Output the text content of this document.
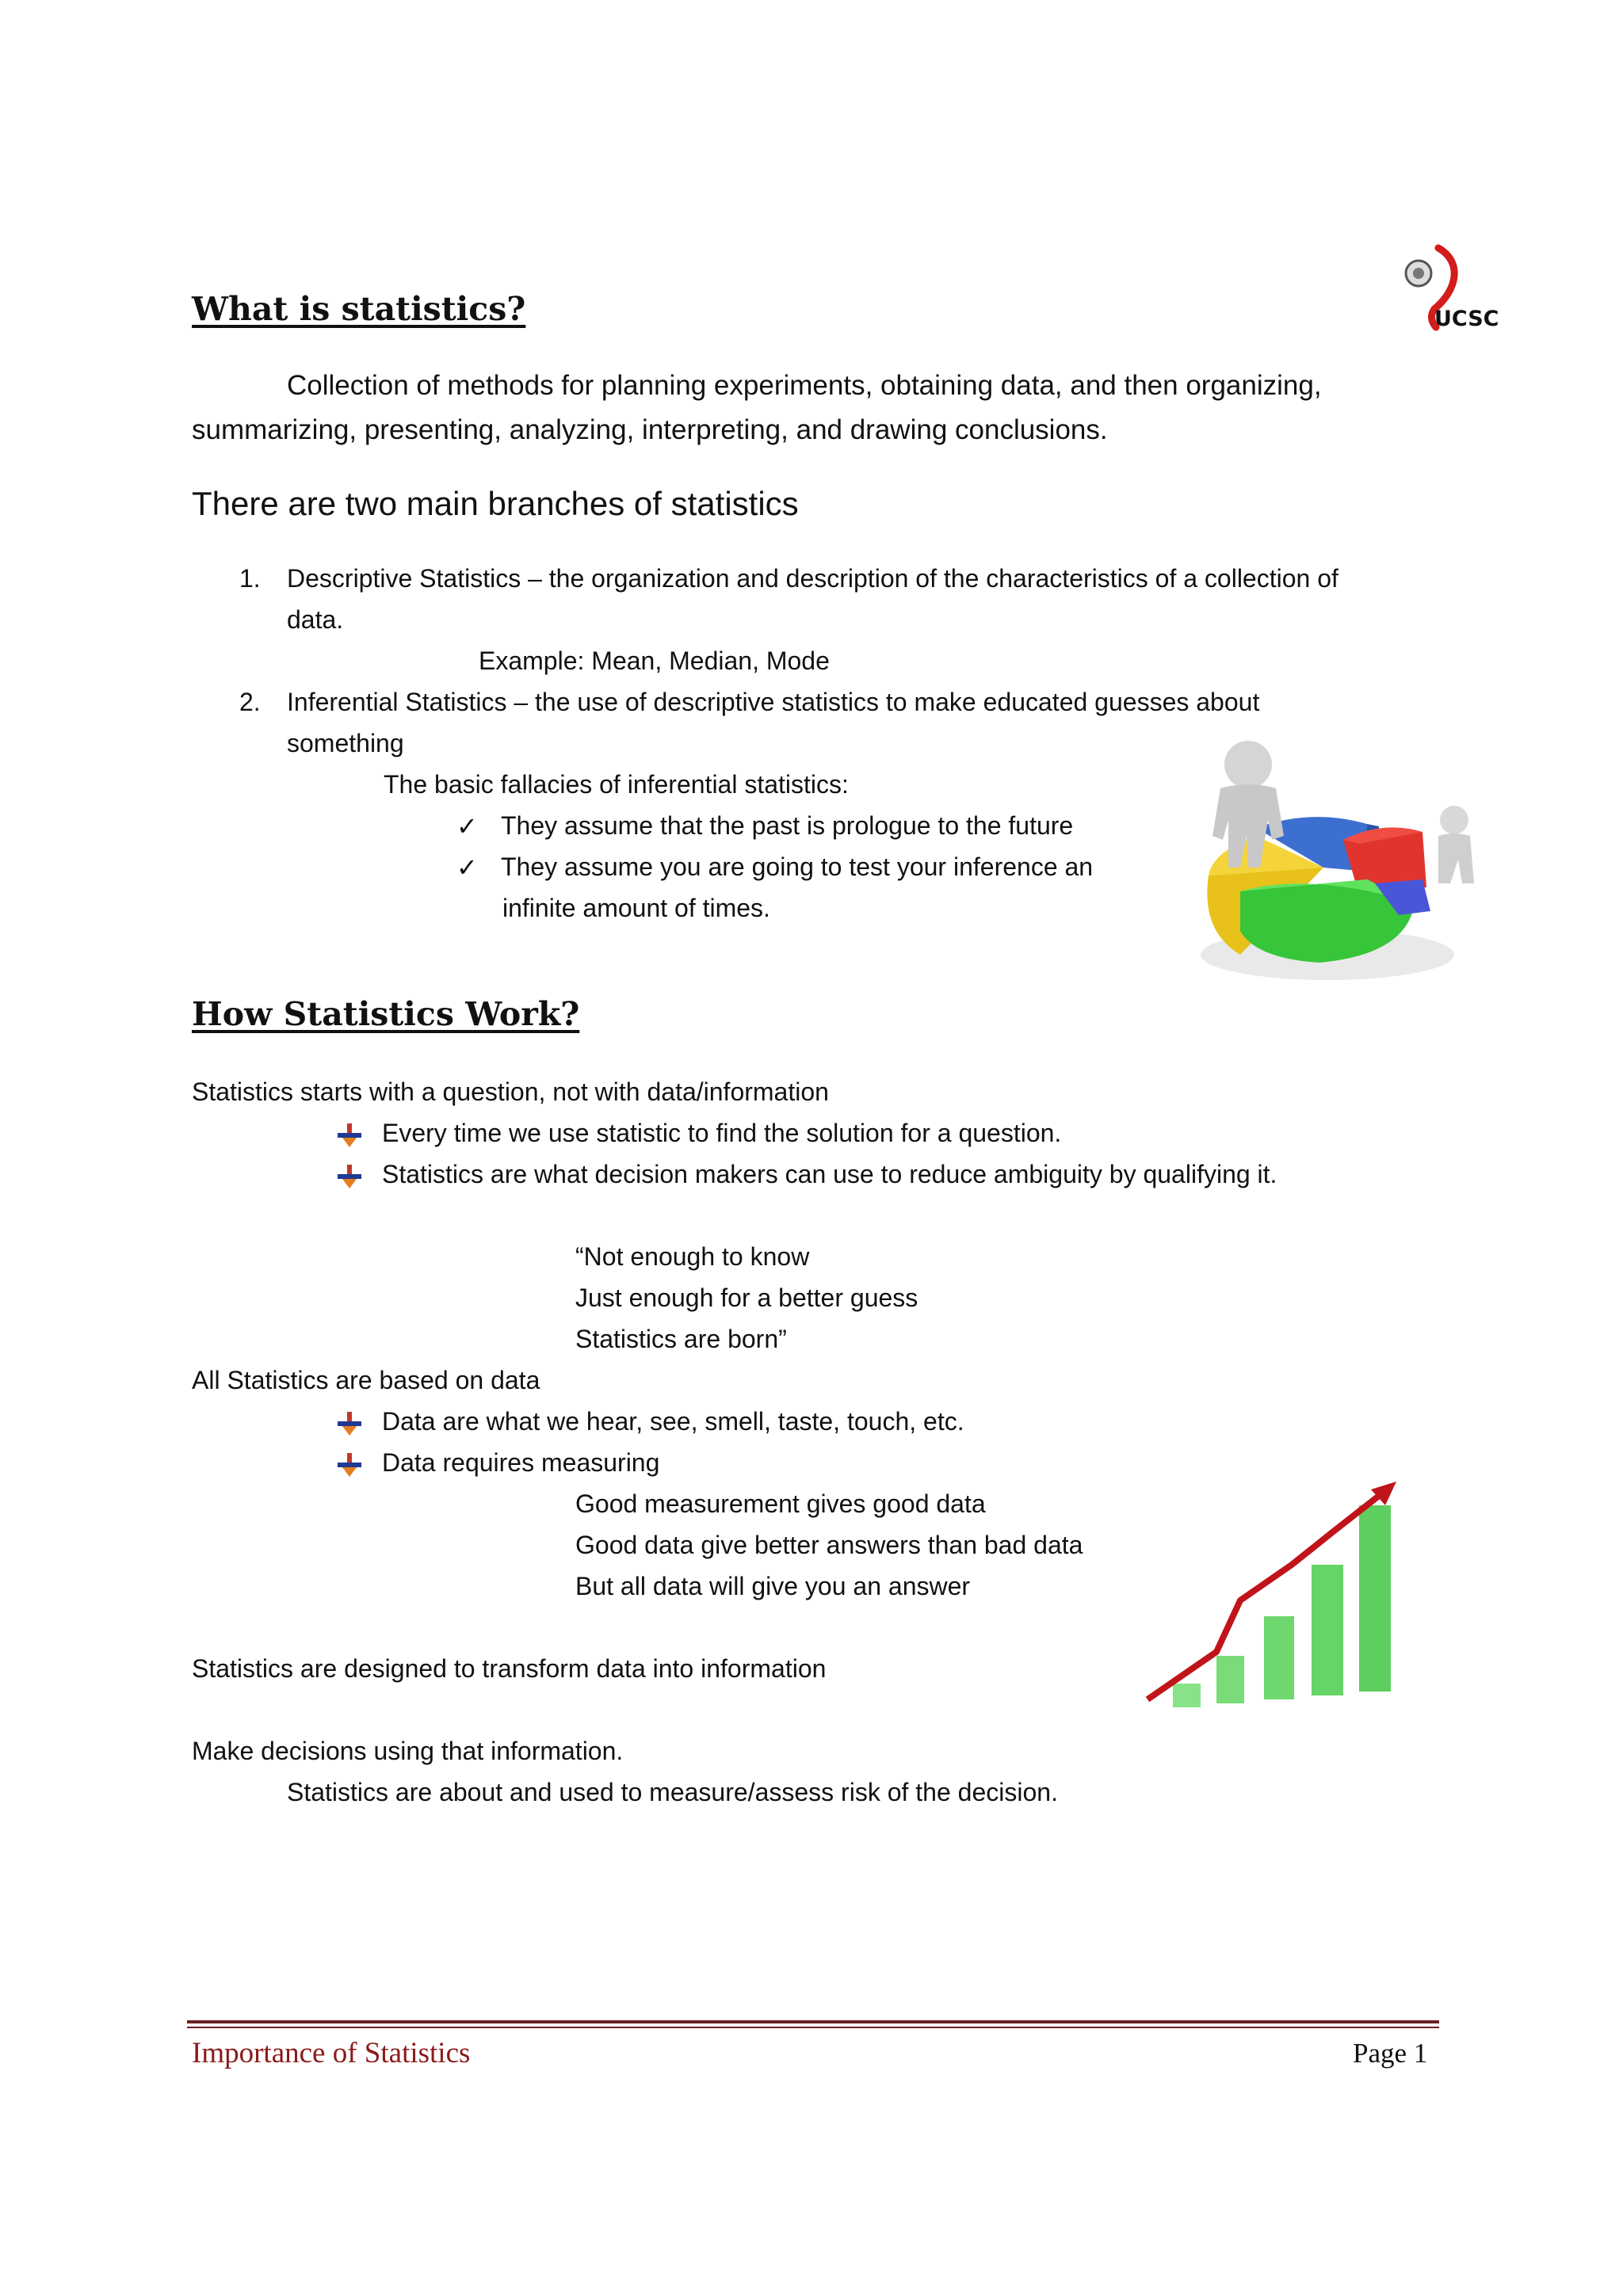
UCSC
What is statistics?
Collection of methods for planning experiments, obtaining data, and then organizing, summarizing, presenting, analyzing, interpreting, and drawing conclusions.
There are two main branches of statistics
1. Descriptive Statistics – the organization and description of the characteristics of a collection of
data.
Example: Mean, Median, Mode
2. Inferential Statistics – the use of descriptive statistics to make educated guesses about
something
The basic fallacies of inferential statistics:
✓ They assume that the past is prologue to the future
✓ They assume you are going to test your inference an
infinite amount of times.
How Statistics Work?
Statistics starts with a question, not with data/information
Every time we use statistic to find the solution for a question.
Statistics are what decision makers can use to reduce ambiguity by qualifying it.
“Not enough to know
Just enough for a better guess
Statistics are born”
All Statistics are based on data
Data are what we hear, see, smell, taste, touch, etc.
Data requires measuring
Good measurement gives good data
Good data give better answers than bad data
But all data will give you an answer
Statistics are designed to transform data into information
Make decisions using that information.
Statistics are about and used to measure/assess risk of the decision.
Importance of Statistics	Page 1
